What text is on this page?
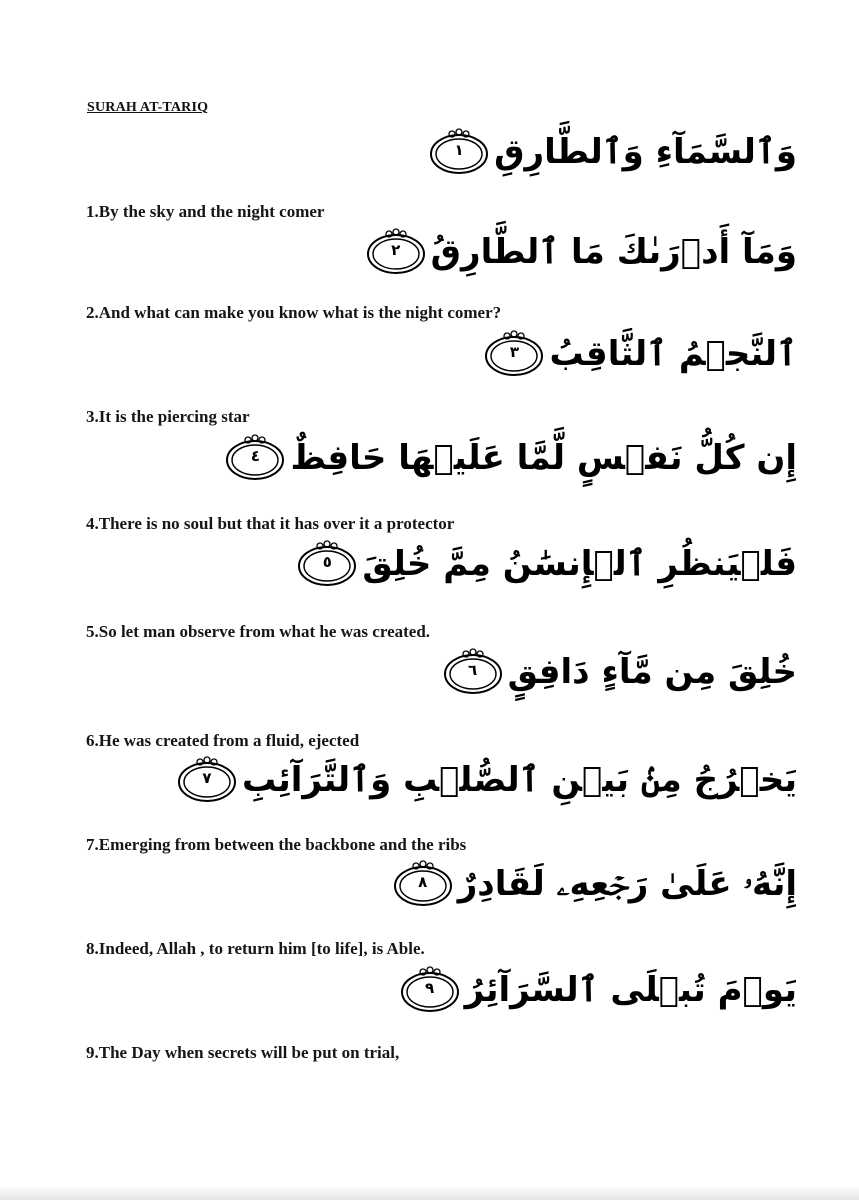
SURAH AT-TARIQ
١ وَٱلسَّمَآءِ وَٱلطَّارِقِ
1.By the sky and the night comer
٢ وَمَآ أَدۡرَىٰكَ مَا ٱلطَّارِقُ
2.And what can make you know what is the night comer?
٣ ٱلنَّجۡمُ ٱلثَّاقِبُ
3.It is the piercing star
٤ إِن كُلُّ نَفۡسٍ لَّمَّا عَلَيۡهَا حَافِظٌ
4.There is no soul but that it has over it a protector
٥ فَلۡيَنظُرِ ٱلۡإِنسَٰنُ مِمَّ خُلِقَ
5.So let man observe from what he was created.
٦ خُلِقَ مِن مَّآءٍ دَافِقٍ
6.He was created from a fluid, ejected
٧ يَخۡرُجُ مِنۢ بَيۡنِ ٱلصُّلۡبِ وَٱلتَّرَآئِبِ
7.Emerging from between the backbone and the ribs
٨ إِنَّهُۥ عَلَىٰ رَجۡعِهِۦ لَقَادِرٌ
8.Indeed, Allah , to return him [to life], is Able.
٩ يَوۡمَ تُبۡلَى ٱلسَّرَآئِرُ
9.The Day when secrets will be put on trial,
